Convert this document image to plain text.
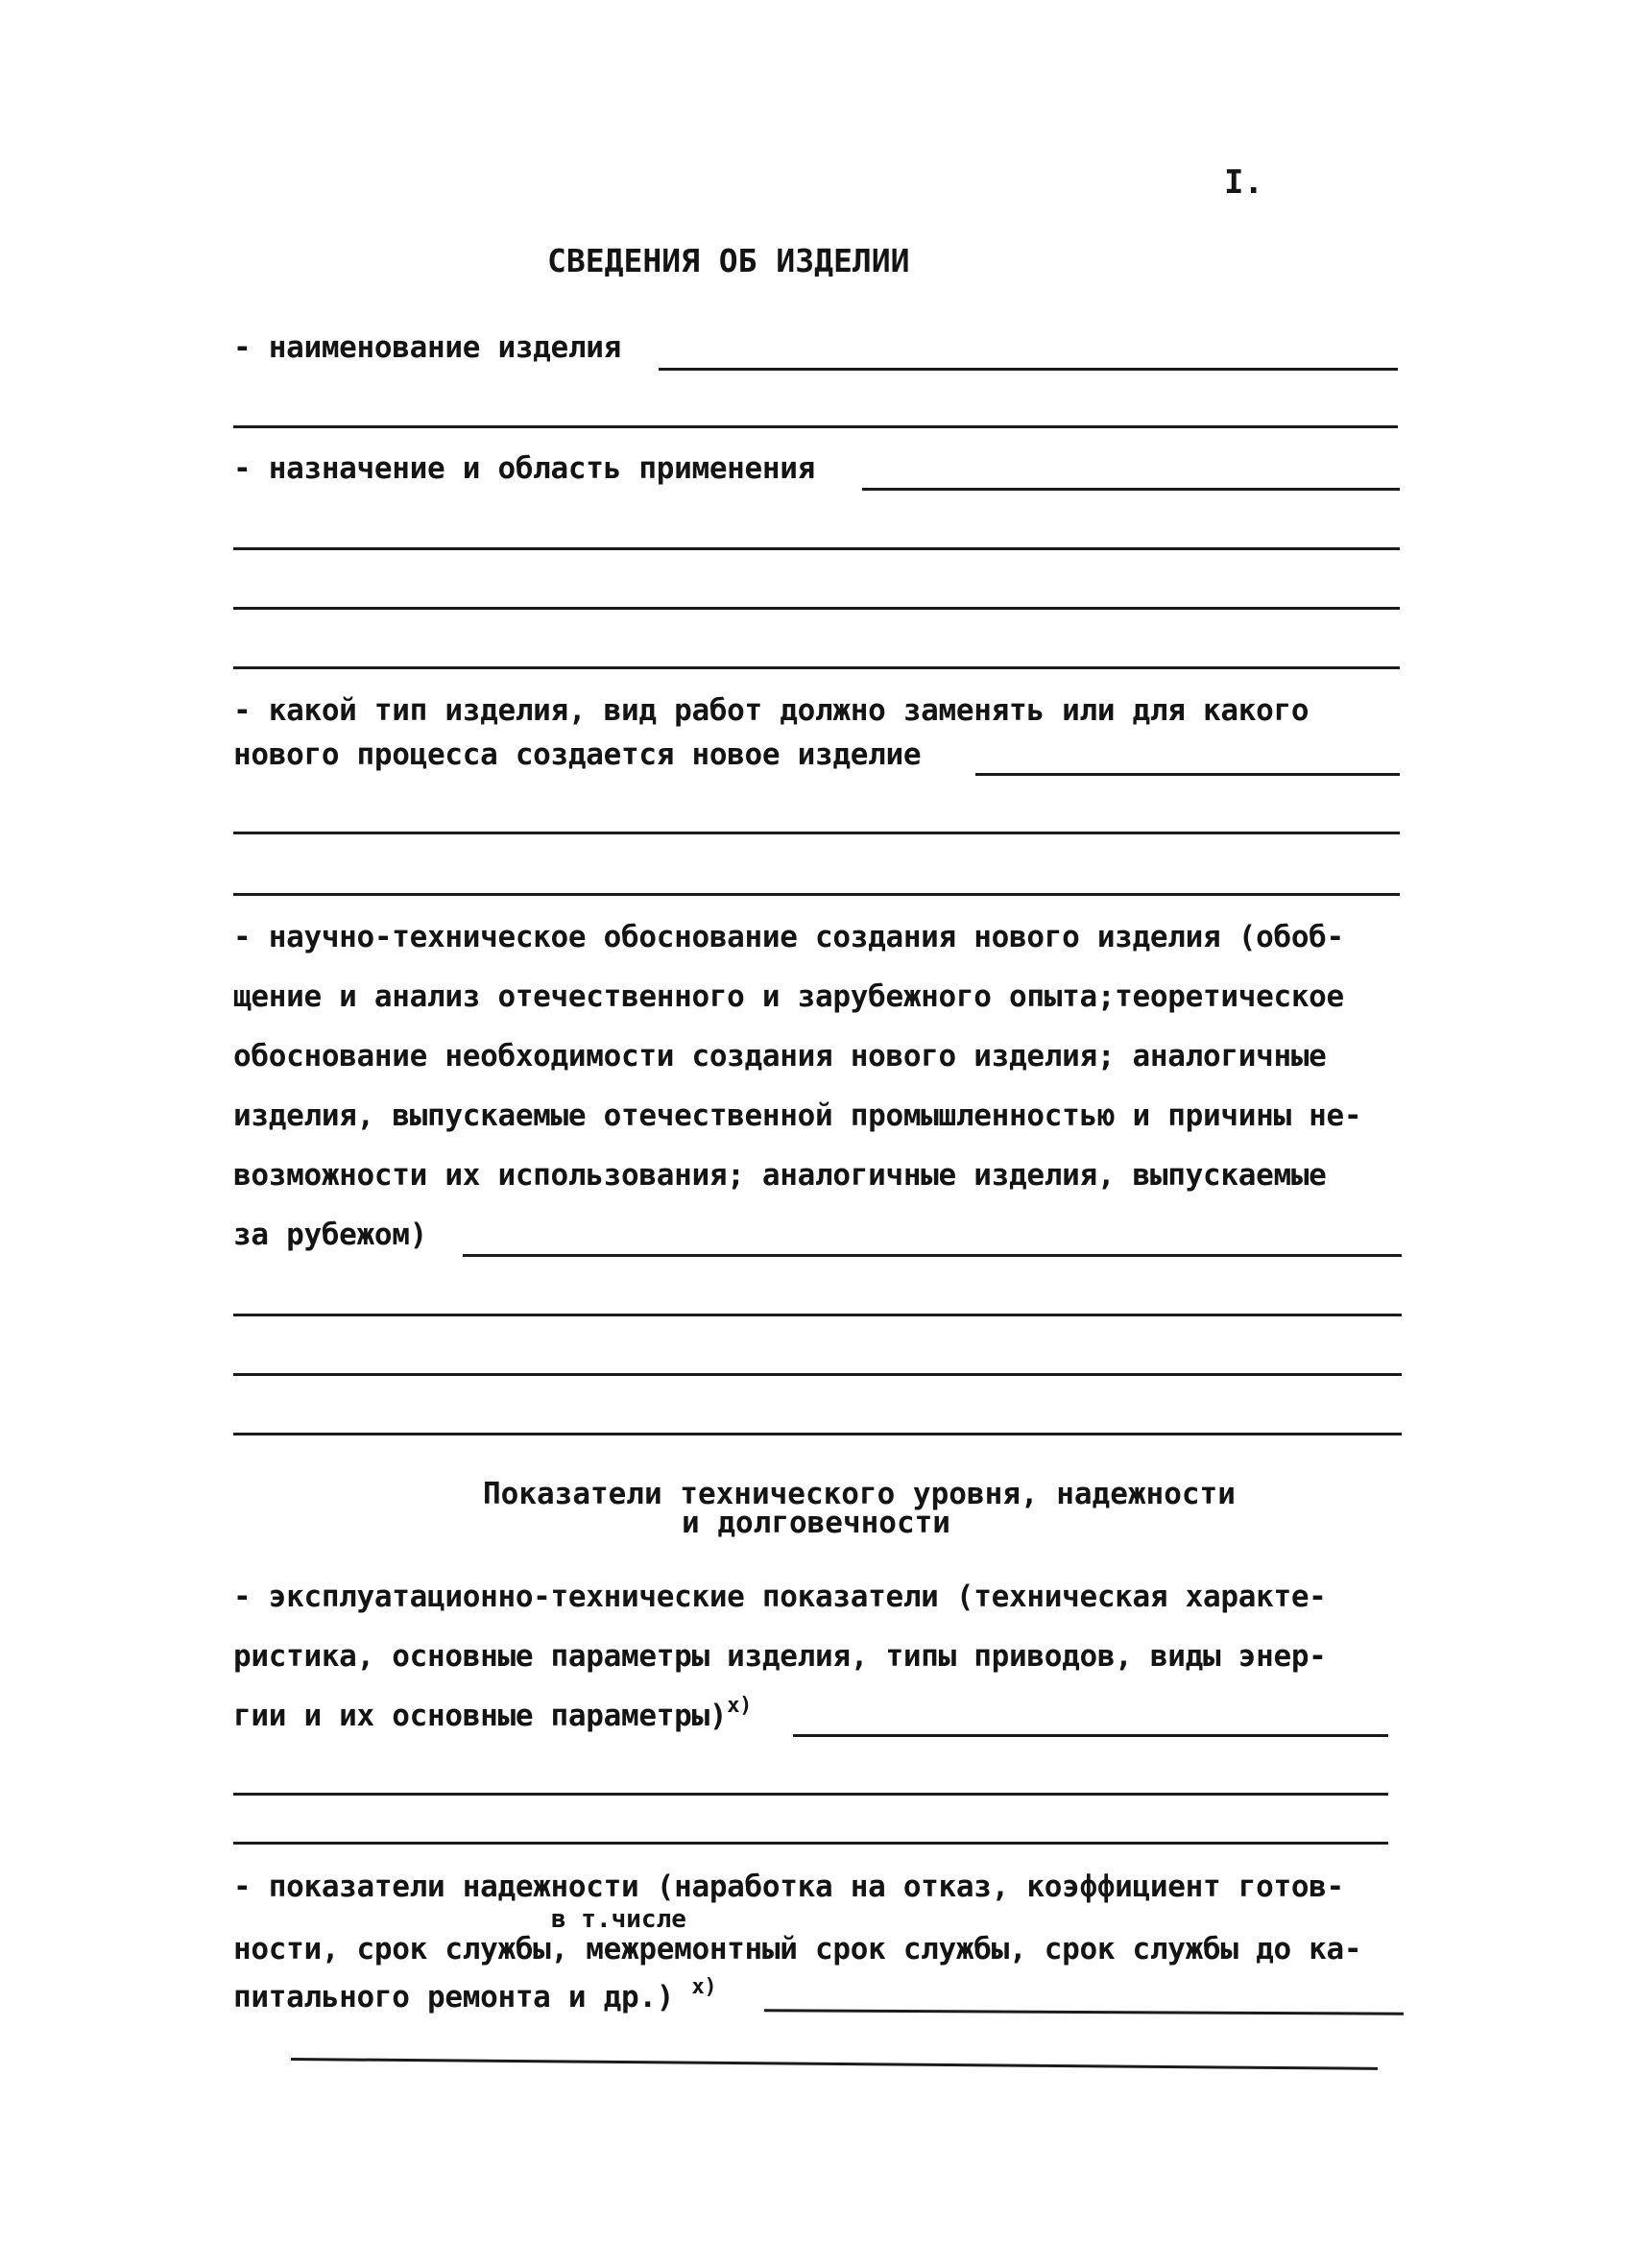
I.
СВЕДЕНИЯ ОБ ИЗДЕЛИИ
- наименование изделия
- назначение и область применения
- какой тип изделия, вид работ должно заменять или для какого
нового процесса создается новое изделие
- научно-техническое обоснование создания нового изделия (обоб-
щение и анализ отечественного и зарубежного опыта;теоретическое
обоснование необходимости создания нового изделия; аналогичные
изделия, выпускаемые отечественной промышленностью и причины не-
возможности их использования; аналогичные изделия, выпускаемые
за рубежом)
Показатели технического уровня, надежности
и долговечности
- эксплуатационно-технические показатели (техническая характе-
ристика, основные параметры изделия, типы приводов, виды энер-
гии и их основные параметры)$^{x)}$
- показатели надежности (наработка на отказ, коэффициент готов-
в т.числе
ности, срок службы, межремонтный срок службы, срок службы до ка-
питального ремонта и др.) $^{x)}$
